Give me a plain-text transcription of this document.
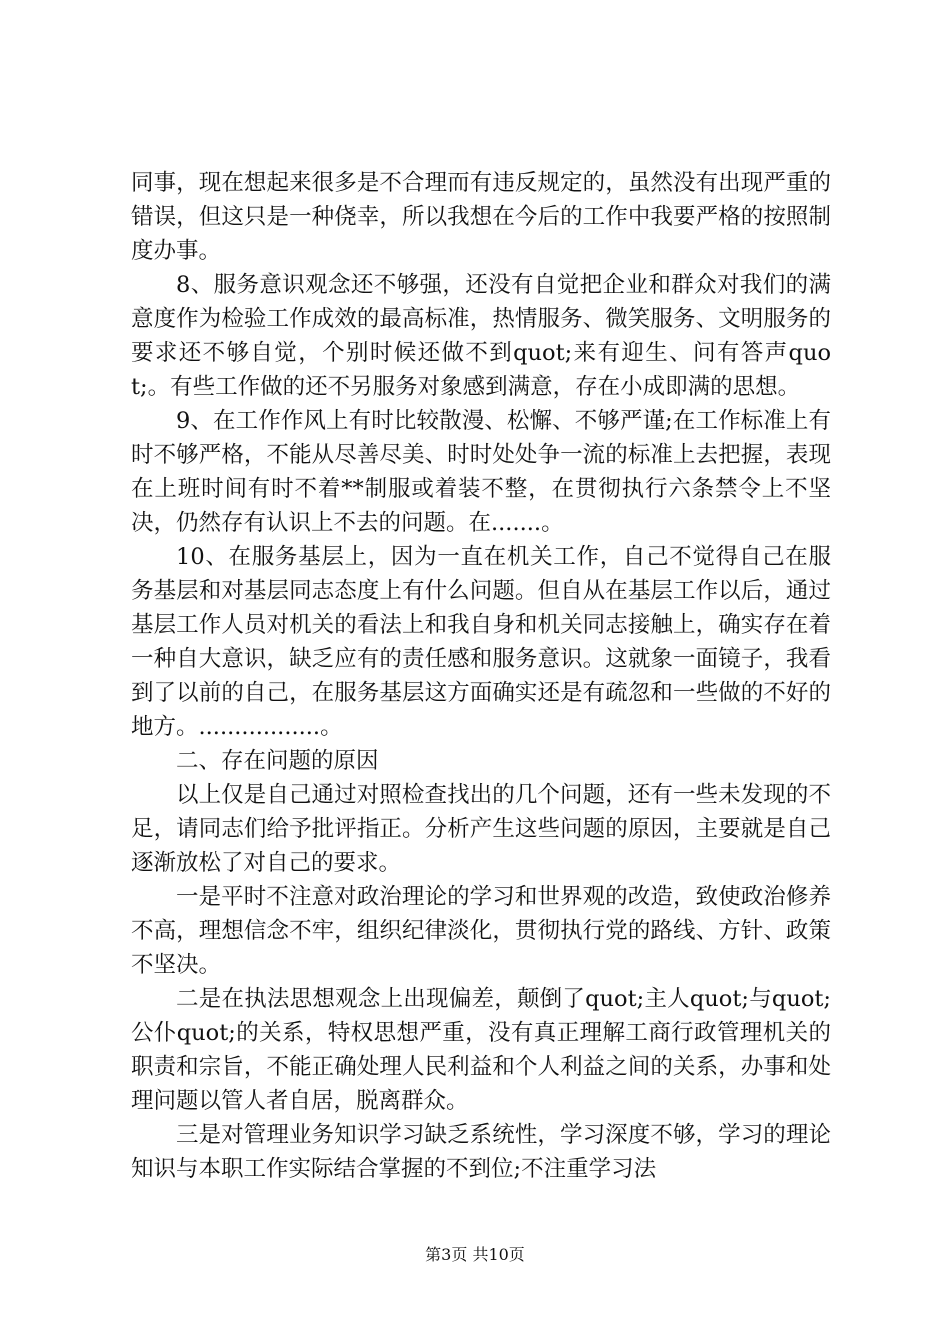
同事，现在想起来很多是不合理而有违反规定的，虽然没有出现严重的错误，但这只是一种侥幸，所以我想在今后的工作中我要严格的按照制度办事。

8、服务意识观念还不够强，还没有自觉把企业和群众对我们的满意度作为检验工作成效的最高标准，热情服务、微笑服务、文明服务的要求还不够自觉，个别时候还做不到quot;来有迎生、问有答声quot;。有些工作做的还不另服务对象感到满意，存在小成即满的思想。

9、在工作作风上有时比较散漫、松懈、不够严谨;在工作标准上有时不够严格，不能从尽善尽美、时时处处争一流的标准上去把握，表现在上班时间有时不着**制服或着装不整，在贯彻执行六条禁令上不坚决，仍然存有认识上不去的问题。在.......。

10、在服务基层上，因为一直在机关工作，自己不觉得自己在服务基层和对基层同志态度上有什么问题。但自从在基层工作以后，通过基层工作人员对机关的看法上和我自身和机关同志接触上，确实存在着一种自大意识，缺乏应有的责任感和服务意识。这就象一面镜子，我看到了以前的自己，在服务基层这方面确实还是有疏忽和一些做的不好的地方。.................。

二、存在问题的原因

以上仅是自己通过对照检查找出的几个问题，还有一些未发现的不足，请同志们给予批评指正。分析产生这些问题的原因，主要就是自己逐渐放松了对自己的要求。

一是平时不注意对政治理论的学习和世界观的改造，致使政治修养不高，理想信念不牢，组织纪律淡化，贯彻执行党的路线、方针、政策不坚决。

二是在执法思想观念上出现偏差，颠倒了quot;主人quot;与quot;公仆quot;的关系，特权思想严重，没有真正理解工商行政管理机关的职责和宗旨，不能正确处理人民利益和个人利益之间的关系，办事和处理问题以管人者自居，脱离群众。

三是对管理业务知识学习缺乏系统性，学习深度不够，学习的理论知识与本职工作实际结合掌握的不到位;不注重学习法

第3页 共10页
